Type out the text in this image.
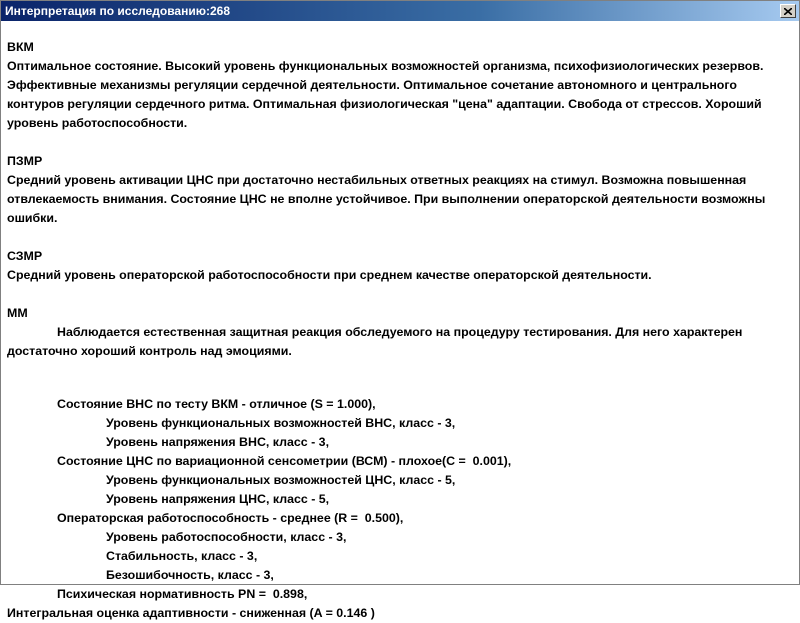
Интерпретация по исследованию:268
ВКМ
Оптимальное состояние. Высокий уровень функциональных возможностей организма, психофизиологических резервов. Эффективные механизмы регуляции сердечной деятельности. Оптимальное сочетание автономного и центрального контуров регуляции сердечного ритма. Оптимальная физиологическая "цена" адаптации. Свобода от стрессов. Хороший уровень работоспособности.
ПЗМР
Средний уровень активации ЦНС при достаточно нестабильных ответных реакциях на стимул. Возможна повышенная отвлекаемость внимания. Состояние ЦНС не вполне устойчивое. При выполнении операторской деятельности возможны ошибки.
СЗМР
Средний уровень операторской работоспособности при среднем качестве операторской деятельности.
ММ
Наблюдается естественная защитная реакция обследуемого на процедуру тестирования. Для него характерен достаточно хороший контроль над эмоциями.
Состояние ВНС по тесту ВКМ - отличное (S = 1.000),
Уровень функциональных возможностей ВНС, класс - 3,
Уровень напряжения ВНС, класс - 3,
Состояние ЦНС по вариационной сенсометрии (ВСМ) - плохое(C =  0.001),
Уровень функциональных возможностей ЦНС, класс - 5,
Уровень напряжения ЦНС, класс - 5,
Операторская работоспособность - среднее (R =  0.500),
Уровень работоспособности, класс - 3,
Стабильность, класс - 3,
Безошибочность, класс - 3,
Психическая нормативность PN =  0.898,
Интегральная оценка адаптивности - сниженная (A = 0.146 )
